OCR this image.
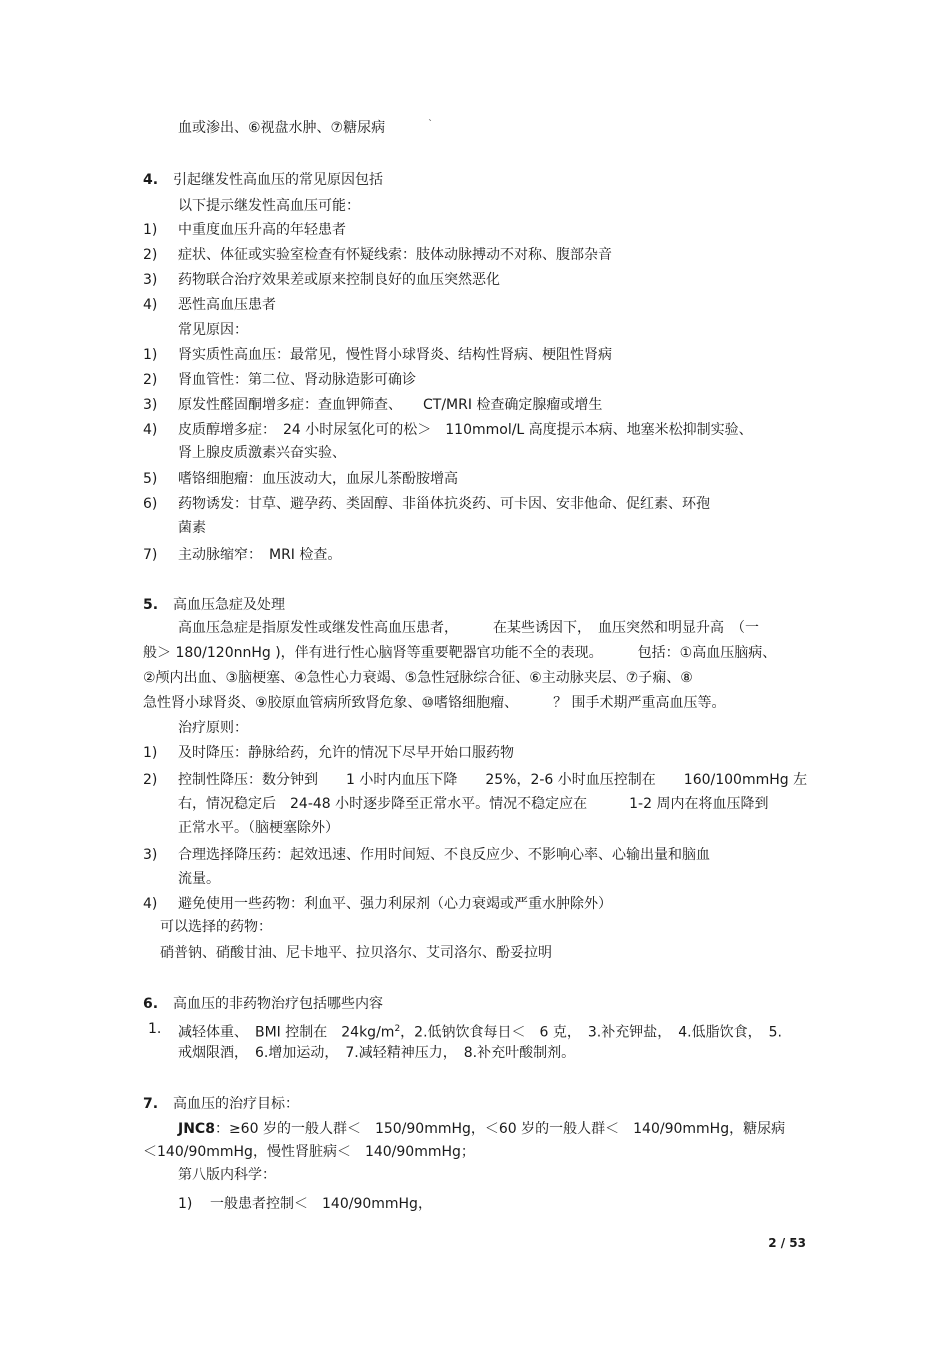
血或渗出、⑥视盘水肿、⑦糖尿病	`
4. 引起继发性高血压的常见原因包括
以下提示继发性高血压可能：
1) 中重度血压升高的年轻患者
2) 症状、体征或实验室检查有怀疑线索：肢体动脉搏动不对称、腹部杂音
3) 药物联合治疗效果差或原来控制良好的血压突然恶化
4) 恶性高血压患者
常见原因：
1) 肾实质性高血压：最常见，慢性肾小球肾炎、结构性肾病、梗阻性肾病
2) 肾血管性：第二位、肾动脉造影可确诊
3) 原发性醛固酮增多症：查血钾筛查、　　CT/MRI 检查确定腺瘤或增生
4) 皮质醇增多症：　24 小时尿氢化可的松＞　110mmol/L 高度提示本病、地塞米松抑制实验、
肾上腺皮质激素兴奋实验、
5) 嗜铬细胞瘤：血压波动大，血尿儿茶酚胺增高
6) 药物诱发：甘草、避孕药、类固醇、非甾体抗炎药、可卡因、安非他命、促红素、环孢
菌素
7) 主动脉缩窄：　MRI 检查。
5. 高血压急症及处理
高血压急症是指原发性或继发性高血压患者，　　　在某些诱因下，　血压突然和明显升高　（一
般＞ 180/120nnHg )，伴有进行性心脑肾等重要靶器官功能不全的表现。　　　包括：①高血压脑病、
②颅内出血、③脑梗塞、④急性心力衰竭、⑤急性冠脉综合征、⑥主动脉夹层、⑦子痫、⑧
急性肾小球肾炎、⑨胶原血管病所致肾危象、⑩嗜铬细胞瘤、　　　？ 围手术期严重高血压等。
治疗原则：
1) 及时降压：静脉给药，允许的情况下尽早开始口服药物
2) 控制性降压：数分钟到　　1 小时内血压下降　　25%，2-6 小时血压控制在　　160/100mmHg 左
右，情况稳定后　24-48 小时逐步降至正常水平。情况不稳定应在　　　1-2 周内在将血压降到
正常水平。（脑梗塞除外）
3) 合理选择降压药：起效迅速、作用时间短、不良反应少、不影响心率、心输出量和脑血
流量。
4) 避免使用一些药物：利血平、强力利尿剂（心力衰竭或严重水肿除外）
可以选择的药物：
硝普钠、硝酸甘油、尼卡地平、拉贝洛尔、艾司洛尔、酚妥拉明
6. 高血压的非药物治疗包括哪些内容
1. 减轻体重、　BMI 控制在　$24kg/m^2$，2.低钠饮食每日＜　6 克，　3.补充钾盐，　4.低脂饮食，　5.
戒烟限酒，　6.增加运动，　7.减轻精神压力，　8.补充叶酸制剂。
7. 高血压的治疗目标：
JNC8：≥60 岁的一般人群＜　150/90mmHg，＜60 岁的一般人群＜　140/90mmHg，糖尿病
＜140/90mmHg，慢性肾脏病＜　140/90mmHg；
第八版内科学：
1) 一般患者控制＜　140/90mmHg，
2 / 53
